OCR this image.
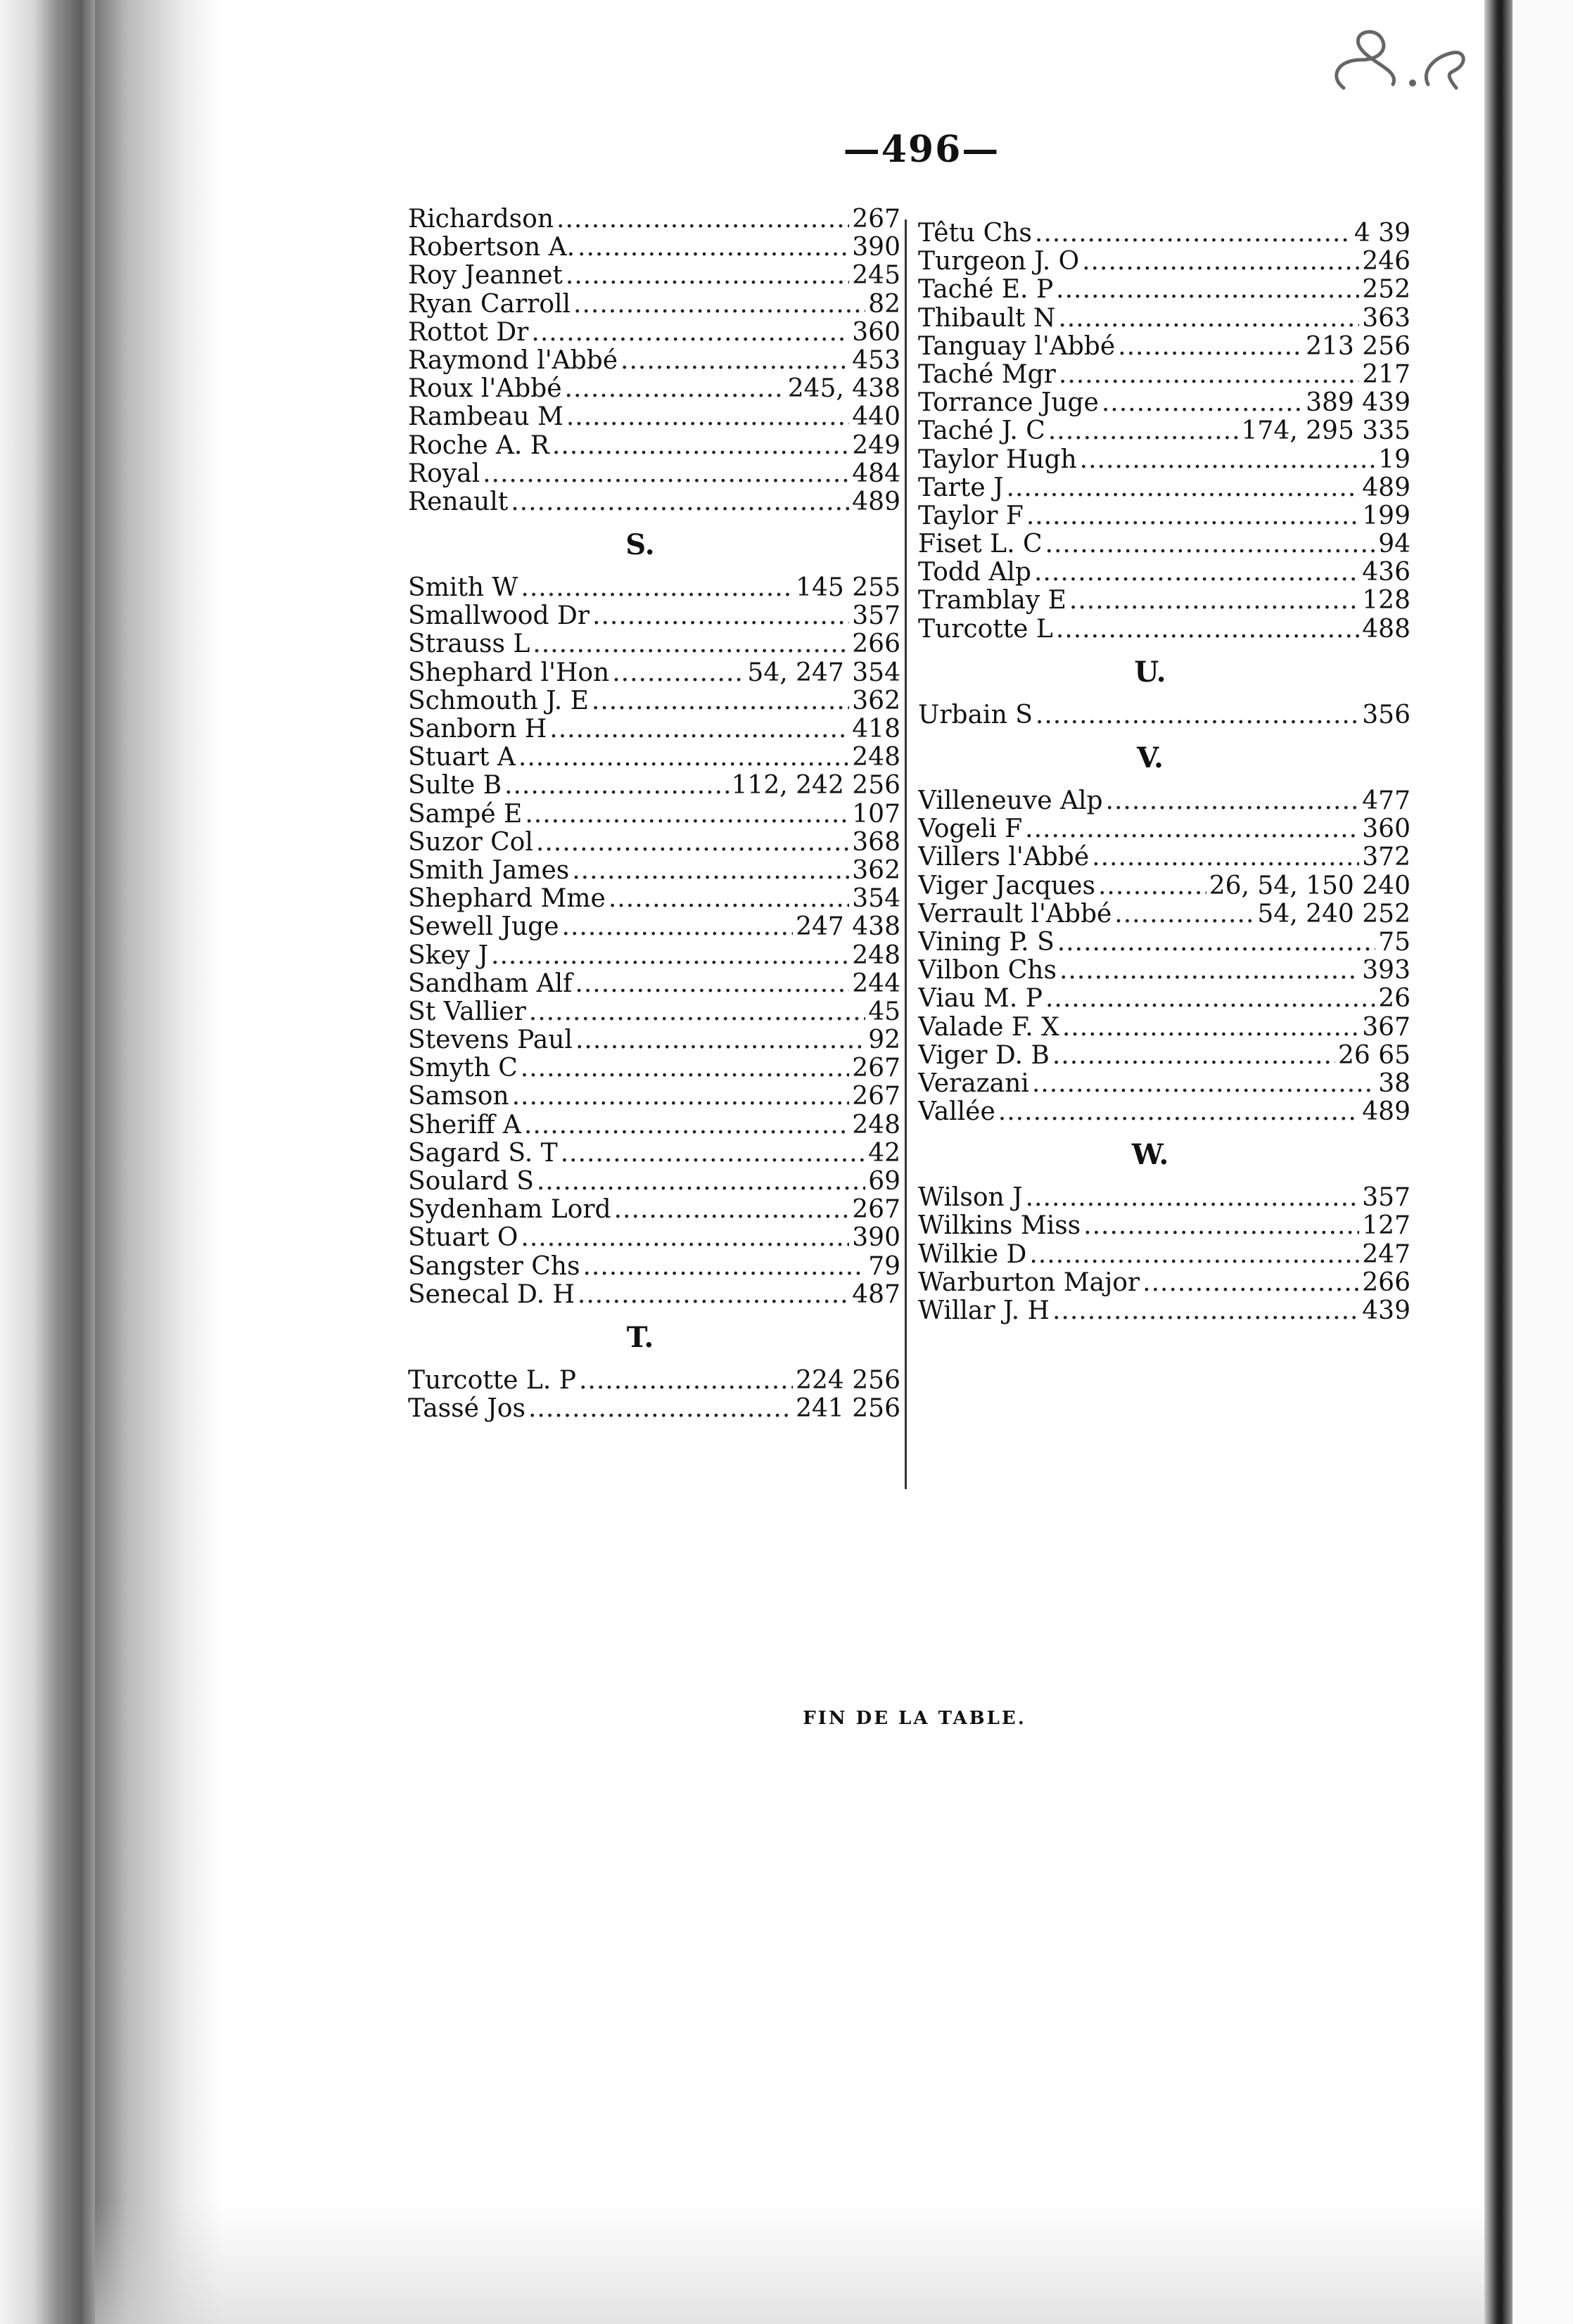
—496—
Richardson .....	267
Robertson A. .....	390
Roy Jeannet .....	245
Ryan Carroll .....	82
Rottot Dr .....	360
Raymond l'Abbé .....	453
Roux l'Abbé .....	245, 438
Rambeau M .....	440
Roche A. R .....	249
Royal .....	484
Renault .....	489
S.
Smith W .....	145 255
Smallwood Dr .....	357
Strauss L .....	266
Shephard l'Hon .....	54, 247 354
Schmouth J. E .....	362
Sanborn H .....	418
Stuart A .....	248
Sulte B .....	112, 242 256
Sampé E .....	107
Suzor Col .....	368
Smith James .....	362
Shephard Mme .....	354
Sewell Juge .....	247 438
Skey J .....	248
Sandham Alf .....	244
St Vallier .....	45
Stevens Paul .....	92
Smyth C .....	267
Samson .....	267
Sheriff A .....	248
Sagard S. T .....	42
Soulard S .....	69
Sydenham Lord .....	267
Stuart O .....	390
Sangster Chs .....	79
Senecal D. H .....	487
T.
Turcotte L. P .....	224 256
Tassé Jos .....	241 256
Têtu Chs .....	4 39
Turgeon J. O .....	246
Taché E. P .....	252
Thibault N .....	363
Tanguay l'Abbé .....	213 256
Taché Mgr .....	217
Torrance Juge .....	389 439
Taché J. C .....	174, 295 335
Taylor Hugh .....	19
Tarte J .....	489
Taylor F .....	199
Fiset L. C .....	94
Todd Alp .....	436
Tramblay E .....	128
Turcotte L .....	488
U.
Urbain S .....	356
V.
Villeneuve Alp .....	477
Vogeli F .....	360
Villers l'Abbé .....	372
Viger Jacques .....	26, 54, 150 240
Verrault l'Abbé .....	54, 240 252
Vining P. S .....	75
Vilbon Chs .....	393
Viau M. P .....	26
Valade F. X .....	367
Viger D. B .....	26 65
Verazani .....	38
Vallée .....	489
W.
Wilson J .....	357
Wilkins Miss .....	127
Wilkie D .....	247
Warburton Major .....	266
Willar J. H .....	439
FIN DE LA TABLE.
